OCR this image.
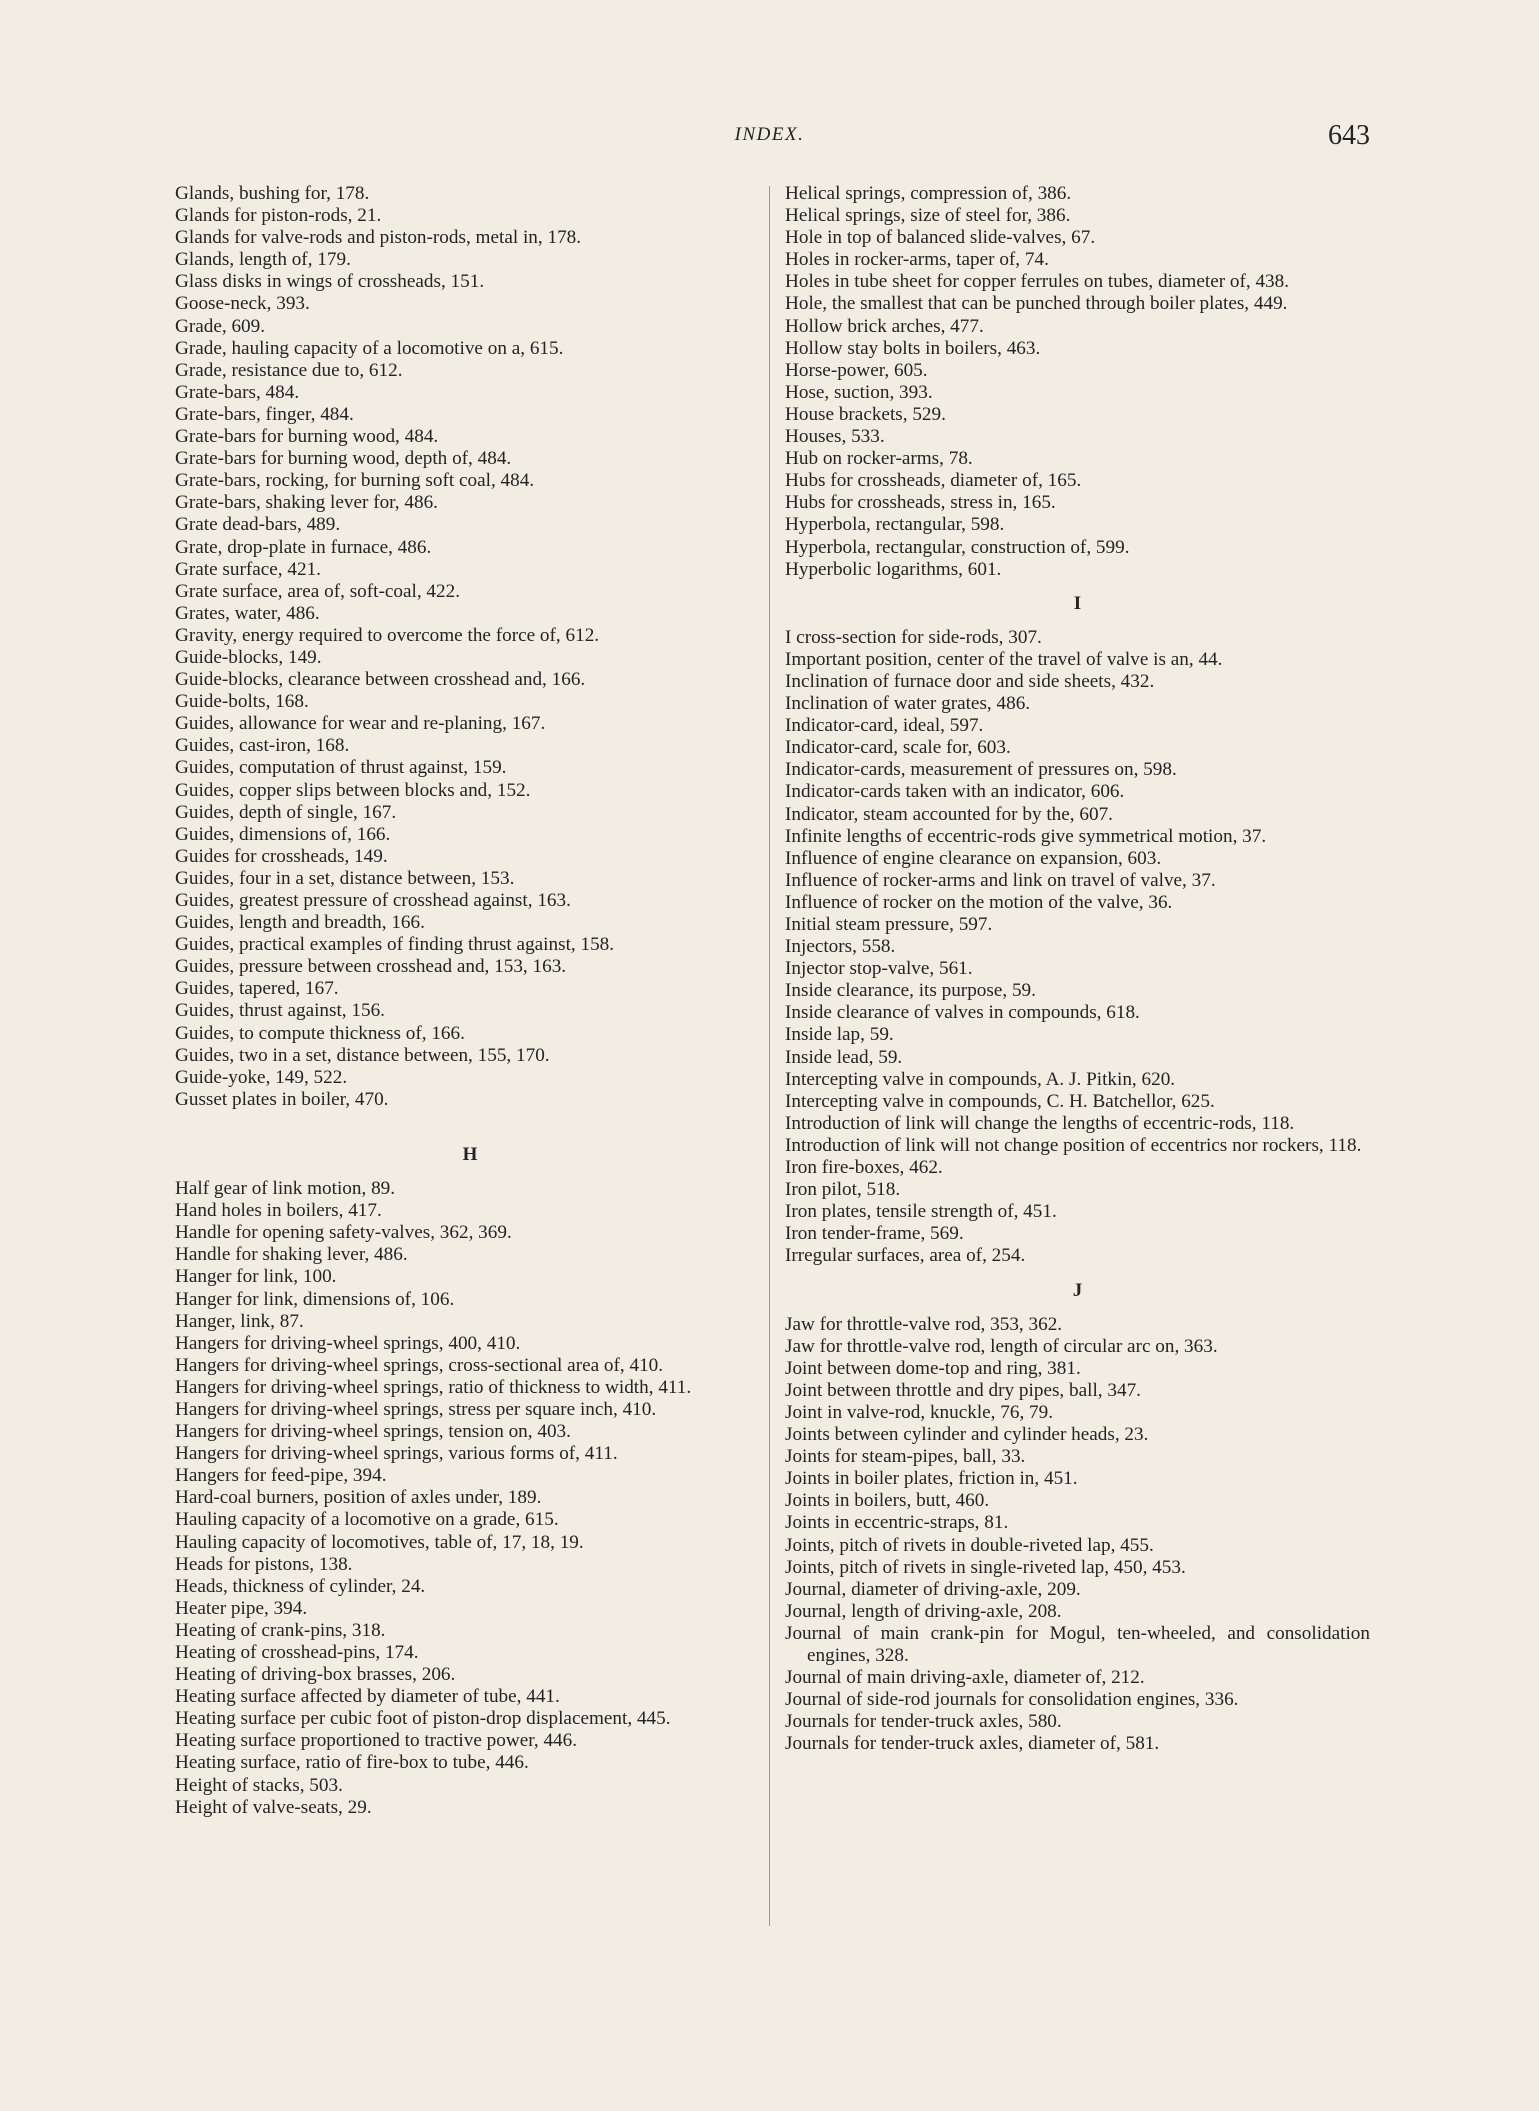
INDEX.	643
Glands, bushing for, 178.
Glands for piston-rods, 21.
Glands for valve-rods and piston-rods, metal in, 178.
Glands, length of, 179.
Glass disks in wings of crossheads, 151.
Goose-neck, 393.
Grade, 609.
Grade, hauling capacity of a locomotive on a, 615.
Grade, resistance due to, 612.
Grate-bars, 484.
Grate-bars, finger, 484.
Grate-bars for burning wood, 484.
Grate-bars for burning wood, depth of, 484.
Grate-bars, rocking, for burning soft coal, 484.
Grate-bars, shaking lever for, 486.
Grate dead-bars, 489.
Grate, drop-plate in furnace, 486.
Grate surface, 421.
Grate surface, area of, soft-coal, 422.
Grates, water, 486.
Gravity, energy required to overcome the force of, 612.
Guide-blocks, 149.
Guide-blocks, clearance between crosshead and, 166.
Guide-bolts, 168.
Guides, allowance for wear and re-planing, 167.
Guides, cast-iron, 168.
Guides, computation of thrust against, 159.
Guides, copper slips between blocks and, 152.
Guides, depth of single, 167.
Guides, dimensions of, 166.
Guides for crossheads, 149.
Guides, four in a set, distance between, 153.
Guides, greatest pressure of crosshead against, 163.
Guides, length and breadth, 166.
Guides, practical examples of finding thrust against, 158.
Guides, pressure between crosshead and, 153, 163.
Guides, tapered, 167.
Guides, thrust against, 156.
Guides, to compute thickness of, 166.
Guides, two in a set, distance between, 155, 170.
Guide-yoke, 149, 522.
Gusset plates in boiler, 470.
H
Half gear of link motion, 89.
Hand holes in boilers, 417.
Handle for opening safety-valves, 362, 369.
Handle for shaking lever, 486.
Hanger for link, 100.
Hanger for link, dimensions of, 106.
Hanger, link, 87.
Hangers for driving-wheel springs, 400, 410.
Hangers for driving-wheel springs, cross-sectional area of, 410.
Hangers for driving-wheel springs, ratio of thickness to width, 411.
Hangers for driving-wheel springs, stress per square inch, 410.
Hangers for driving-wheel springs, tension on, 403.
Hangers for driving-wheel springs, various forms of, 411.
Hangers for feed-pipe, 394.
Hard-coal burners, position of axles under, 189.
Hauling capacity of a locomotive on a grade, 615.
Hauling capacity of locomotives, table of, 17, 18, 19.
Heads for pistons, 138.
Heads, thickness of cylinder, 24.
Heater pipe, 394.
Heating of crank-pins, 318.
Heating of crosshead-pins, 174.
Heating of driving-box brasses, 206.
Heating surface affected by diameter of tube, 441.
Heating surface per cubic foot of piston-drop displacement, 445.
Heating surface proportioned to tractive power, 446.
Heating surface, ratio of fire-box to tube, 446.
Height of stacks, 503.
Height of valve-seats, 29.
Helical springs, compression of, 386.
Helical springs, size of steel for, 386.
Hole in top of balanced slide-valves, 67.
Holes in rocker-arms, taper of, 74.
Holes in tube sheet for copper ferrules on tubes, diameter of, 438.
Hole, the smallest that can be punched through boiler plates, 449.
Hollow brick arches, 477.
Hollow stay bolts in boilers, 463.
Horse-power, 605.
Hose, suction, 393.
House brackets, 529.
Houses, 533.
Hub on rocker-arms, 78.
Hubs for crossheads, diameter of, 165.
Hubs for crossheads, stress in, 165.
Hyperbola, rectangular, 598.
Hyperbola, rectangular, construction of, 599.
Hyperbolic logarithms, 601.
I
I cross-section for side-rods, 307.
Important position, center of the travel of valve is an, 44.
Inclination of furnace door and side sheets, 432.
Inclination of water grates, 486.
Indicator-card, ideal, 597.
Indicator-card, scale for, 603.
Indicator-cards, measurement of pressures on, 598.
Indicator-cards taken with an indicator, 606.
Indicator, steam accounted for by the, 607.
Infinite lengths of eccentric-rods give symmetrical motion, 37.
Influence of engine clearance on expansion, 603.
Influence of rocker-arms and link on travel of valve, 37.
Influence of rocker on the motion of the valve, 36.
Initial steam pressure, 597.
Injectors, 558.
Injector stop-valve, 561.
Inside clearance, its purpose, 59.
Inside clearance of valves in compounds, 618.
Inside lap, 59.
Inside lead, 59.
Intercepting valve in compounds, A. J. Pitkin, 620.
Intercepting valve in compounds, C. H. Batchellor, 625.
Introduction of link will change the lengths of eccentric-rods, 118.
Introduction of link will not change position of eccentrics nor rockers, 118.
Iron fire-boxes, 462.
Iron pilot, 518.
Iron plates, tensile strength of, 451.
Iron tender-frame, 569.
Irregular surfaces, area of, 254.
J
Jaw for throttle-valve rod, 353, 362.
Jaw for throttle-valve rod, length of circular arc on, 363.
Joint between dome-top and ring, 381.
Joint between throttle and dry pipes, ball, 347.
Joint in valve-rod, knuckle, 76, 79.
Joints between cylinder and cylinder heads, 23.
Joints for steam-pipes, ball, 33.
Joints in boiler plates, friction in, 451.
Joints in boilers, butt, 460.
Joints in eccentric-straps, 81.
Joints, pitch of rivets in double-riveted lap, 455.
Joints, pitch of rivets in single-riveted lap, 450, 453.
Journal, diameter of driving-axle, 209.
Journal, length of driving-axle, 208.
Journal of main crank-pin for Mogul, ten-wheeled, and consolidation engines, 328.
Journal of main driving-axle, diameter of, 212.
Journal of side-rod journals for consolidation engines, 336.
Journals for tender-truck axles, 580.
Journals for tender-truck axles, diameter of, 581.
